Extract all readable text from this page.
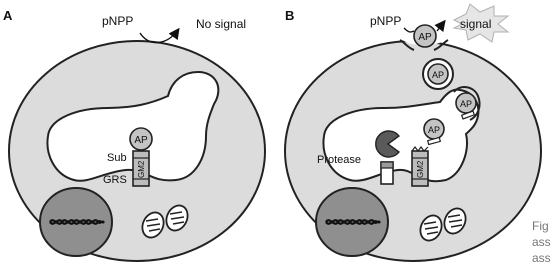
A
GM2
AP
Sub
GRS
pNPP	No signal
B
Protease
GM2
AP
AP
AP
AP
pNPP	signal
Fig
ass
ass
